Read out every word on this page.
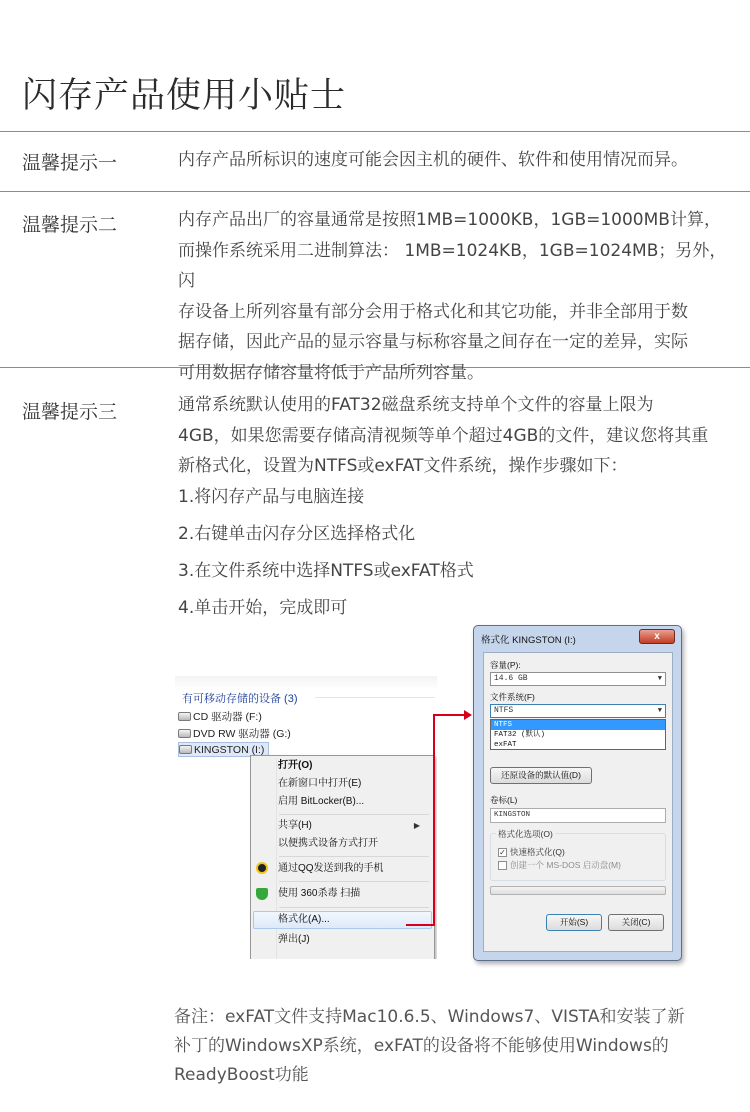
闪存产品使用小贴士
温馨提示一	内存产品所标识的速度可能会因主机的硬件、软件和使用情况而异。
温馨提示二	内存产品出厂的容量通常是按照1MB=1000KB，1GB=1000MB计算，
而操作系统采用二进制算法： 1MB=1024KB，1GB=1024MB；另外，闪
存设备上所列容量有部分会用于格式化和其它功能，并非全部用于数
据存储，因此产品的显示容量与标称容量之间存在一定的差异，实际
可用数据存储容量将低于产品所列容量。
温馨提示三	通常系统默认使用的FAT32磁盘系统支持单个文件的容量上限为
4GB，如果您需要存储高清视频等单个超过4GB的文件，建议您将其重
新格式化，设置为NTFS或exFAT文件系统，操作步骤如下：
1.将闪存产品与电脑连接
2.右键单击闪存分区选择格式化
3.在文件系统中选择NTFS或exFAT格式
4.单击开始，完成即可
有可移动存储的设备 (3)
CD 驱动器 (F:)
DVD RW 驱动器 (G:)
KINGSTON (I:)
打开(O)
在新窗口中打开(E)
启用 BitLocker(B)...
共享(H)	▶
以便携式设备方式打开
通过QQ发送到我的手机
使用 360杀毒 扫描
格式化(A)...
弹出(J)
格式化 KINGSTON (I:)	x
容量(P):
14.6 GB	▼
文件系统(F)
NTFS	▼
NTFS
FAT32 (默认)
exFAT
还原设备的默认值(D)
卷标(L)
KINGSTON
格式化选项(O)
✓ 快速格式化(Q)
创建一个 MS-DOS 启动盘(M)
开始(S)	关闭(C)
备注：exFAT文件支持Mac10.6.5、Windows7、VISTA和安装了新
补丁的WindowsXP系统，exFAT的设备将不能够使用Windows的
ReadyBoost功能
